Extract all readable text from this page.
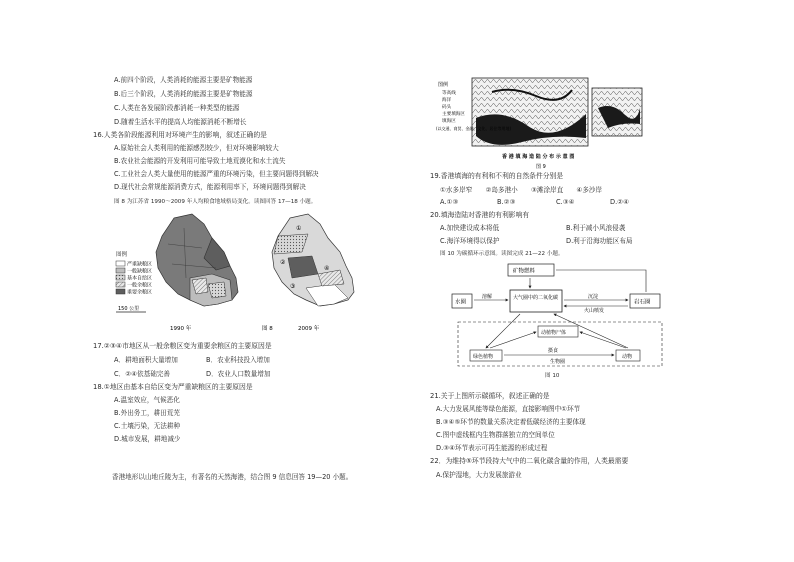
A.前四个阶段，人类消耗的能源主要是矿物能源
B.后三个阶段，人类消耗的能源主要是矿物能源
C.人类在各发展阶段都消耗一种类型的能源
D.随着生活水平的提高人均能源消耗不断增长
16.人类各阶段能源利用对环境产生的影响，叙述正确的是
A.原始社会人类利用的能源感烈较少，但对环境影响较大
B.农业社会能源的开发利用可能导致土地荒漠化和水土流失
C.工业社会人类大量使用的能源严重的环境污染，但主要问题得到解决
D.现代社会常规能源消费方式，能源利用率下，环境问题得到解决
图 8 为江苏省 1990～2009 年人均粮食地域格局变化。读图回答 17—18 小题。
图例
严重缺粮区
一般缺粮区
基本自给区
一般余粮区
重要余粮区
150 公里
1990 年
①
②
③
④
图 8	2009 年
17.②③④市地区从一般余粮区变为重要余粮区的主要原因是
A．耕地面积大量增加	B．农业科技投入增加
C．②④依基础完善	D．农业人口数量增加
18.①地区由基本自给区变为严重缺粮区的主要原因是
A.温室效应，气候恶化
B.外出务工，耕田荒芜
C.土壤污染，无法耕种
D.城市发展，耕地减少
香港地形以山地丘陵为主，有著名的天然海港，结合图 9 信息回答 19—20 小题。
图例
等高线
海洋
码头
主要填海区
填海区
(以交通、商贸、金融、文化、居住等用地)
香 港 填 海 造 陆 分 布 示 意 图
图 9
19.香港填海的有利和不利的自然条件分别是
①水多岸窄　　②岛多港小　　③滩涂岸直　　④多沙岸
A.①③	B.②③	C.③④	D.②④
20.填海造陆对香港的有利影响有
A.加快建设成本将低	B.利于减小风浪侵袭
C.海洋环境得以保护	D.利于沿海功能区布局
图 10 为碳循环示意图。读图完成 21—22 小题。
矿物燃料
水圈
大气圈中的二氧化碳
岩石圈
溶解	沉淀
火山喷发
动植物尸体
绿色植物	动物
摄食
生物圈
图 10
21.关于上图所示碳循环，叙述正确的是
A.大力发展风能等绿色能源，直接影响图中①环节
B.③④⑤环节的数量关系决定着低碳经济的主要体现
C.图中虚线框内生物群落独立的空间单位
D.③④环节表示可再生能源的形成过程
22．为维持⑤环节段持大气中的二氧化碳含量的作用，人类最需要
A.保护湿地，大力发展旅游业
